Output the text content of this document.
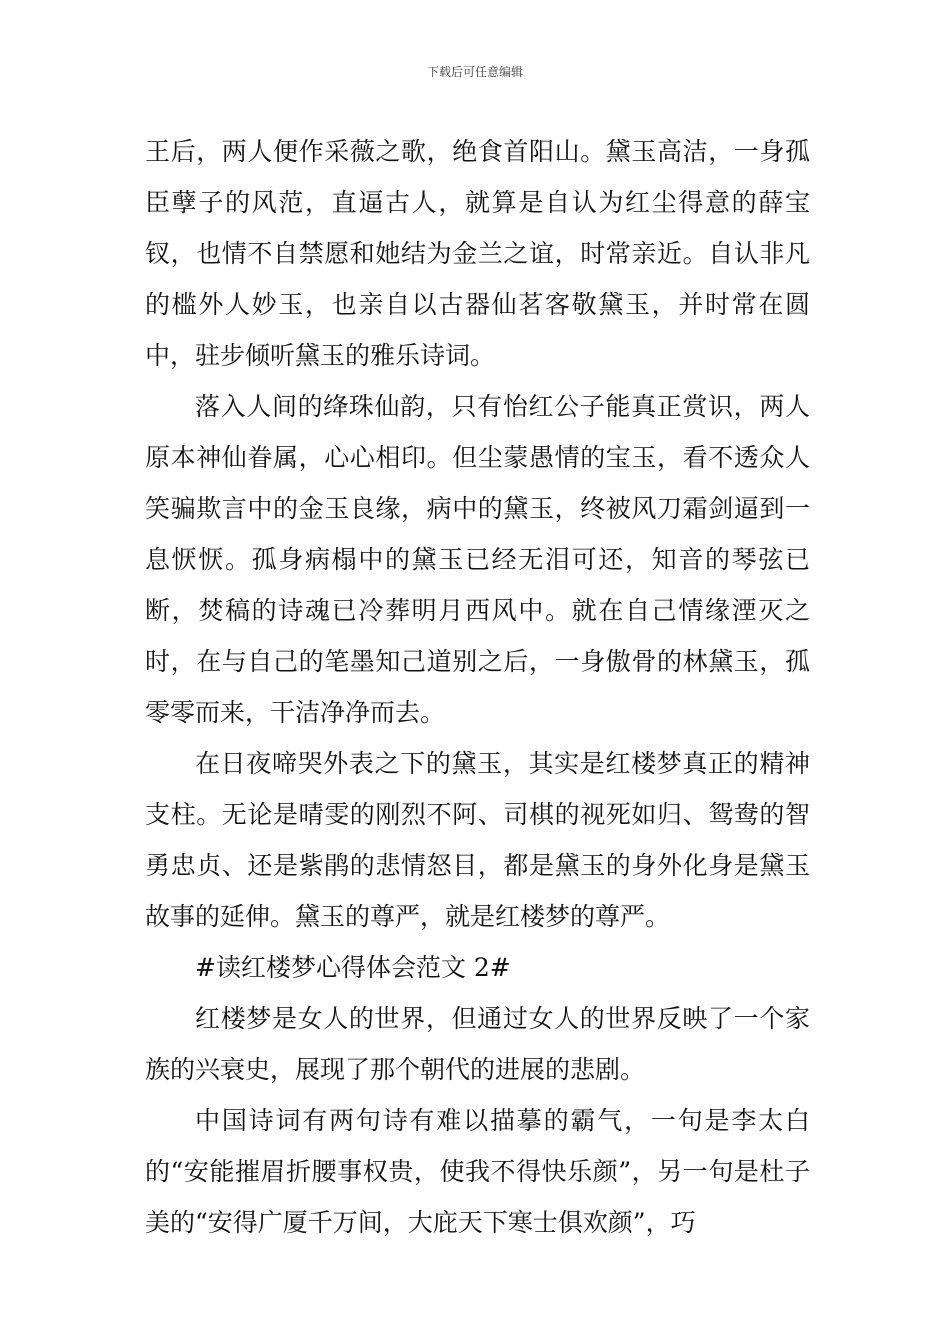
下载后可任意编辑

王后，两人便作采薇之歌，绝食首阳山。黛玉高洁，一身孤臣孽子的风范，直逼古人，就算是自认为红尘得意的薛宝钗，也情不自禁愿和她结为金兰之谊，时常亲近。自认非凡的槛外人妙玉，也亲自以古器仙茗客敬黛玉，并时常在圆中，驻步倾听黛玉的雅乐诗词。

落入人间的绛珠仙韵，只有怡红公子能真正赏识，两人原本神仙眷属，心心相印。但尘蒙愚情的宝玉，看不透众人笑骗欺言中的金玉良缘，病中的黛玉，终被风刀霜剑逼到一息恹恹。孤身病榻中的黛玉已经无泪可还，知音的琴弦已断，焚稿的诗魂已冷葬明月西风中。就在自己情缘湮灭之时，在与自己的笔墨知己道别之后，一身傲骨的林黛玉，孤零零而来，干洁净净而去。

在日夜啼哭外表之下的黛玉，其实是红楼梦真正的精神支柱。无论是晴雯的刚烈不阿、司棋的视死如归、鸳鸯的智勇忠贞、还是紫鹃的悲情怒目，都是黛玉的身外化身是黛玉故事的延伸。黛玉的尊严，就是红楼梦的尊严。

#读红楼梦心得体会范文 2#

红楼梦是女人的世界，但通过女人的世界反映了一个家族的兴衰史，展现了那个朝代的进展的悲剧。

中国诗词有两句诗有难以描摹的霸气，一句是李太白的“安能摧眉折腰事权贵，使我不得快乐颜”，另一句是杜子美的“安得广厦千万间，大庇天下寒士俱欢颜”，巧
